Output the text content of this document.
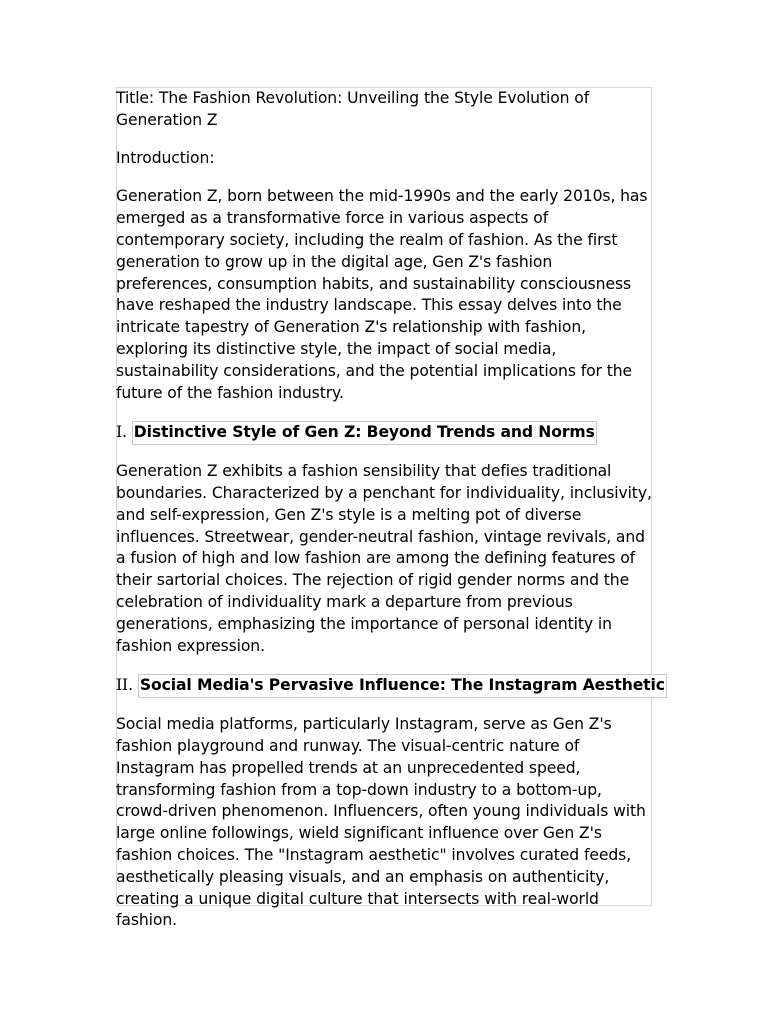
Title: The Fashion Revolution: Unveiling the Style Evolution of Generation Z

Introduction:

Generation Z, born between the mid-1990s and the early 2010s, has emerged as a transformative force in various aspects of contemporary society, including the realm of fashion. As the first generation to grow up in the digital age, Gen Z's fashion preferences, consumption habits, and sustainability consciousness have reshaped the industry landscape. This essay delves into the intricate tapestry of Generation Z's relationship with fashion, exploring its distinctive style, the impact of social media, sustainability considerations, and the potential implications for the future of the fashion industry.

I. Distinctive Style of Gen Z: Beyond Trends and Norms

Generation Z exhibits a fashion sensibility that defies traditional boundaries. Characterized by a penchant for individuality, inclusivity, and self-expression, Gen Z's style is a melting pot of diverse influences. Streetwear, gender-neutral fashion, vintage revivals, and a fusion of high and low fashion are among the defining features of their sartorial choices. The rejection of rigid gender norms and the celebration of individuality mark a departure from previous generations, emphasizing the importance of personal identity in fashion expression.

II. Social Media's Pervasive Influence: The Instagram Aesthetic

Social media platforms, particularly Instagram, serve as Gen Z's fashion playground and runway. The visual-centric nature of Instagram has propelled trends at an unprecedented speed, transforming fashion from a top-down industry to a bottom-up, crowd-driven phenomenon. Influencers, often young individuals with large online followings, wield significant influence over Gen Z's fashion choices. The "Instagram aesthetic" involves curated feeds, aesthetically pleasing visuals, and an emphasis on authenticity, creating a unique digital culture that intersects with real-world fashion.
